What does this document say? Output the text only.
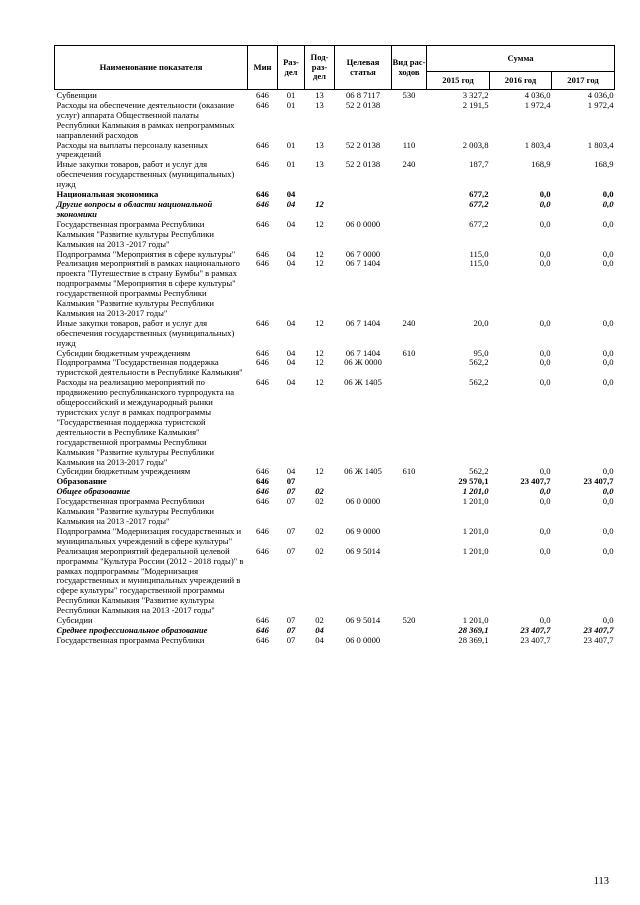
Наименование показателя	Мин	Раз- дел	Под- раз- дел	Целевая статья	Вид рас- ходов	Сумма		
						2015 год	2016 год	2017 год
Субвенции	646	01	13	06 8 7117	530	3 327,2	4 036,0	4 036,0
Расходы на обеспечение деятельности (оказание услуг) аппарата Общественной палаты Республики Калмыкия в рамках непрограммных направлений расходов	646	01	13	52 2 0138		2 191,5	1 972,4	1 972,4
Расходы на выплаты персоналу казенных учреждений	646	01	13	52 2 0138	110	2 003,8	1 803,4	1 803,4
Иные закупки товаров, работ и услуг для обеспечения государственных (муниципальных) нужд	646	01	13	52 2 0138	240	187,7	168,9	168,9
Национальная экономика	646	04				677,2	0,0	0,0
Другие вопросы в области национальной экономики	646	04	12			677,2	0,0	0,0
Государственная программа Республики Калмыкия "Развитие культуры Республики Калмыкия на 2013 -2017 годы"	646	04	12	06 0 0000		677,2	0,0	0,0
Подпрограмма "Мероприятия в сфере культуры"	646	04	12	06 7 0000		115,0	0,0	0,0
Реализация мероприятий в рамках национального проекта "Путешествие в страну Бумбы" в рамках подпрограммы "Мероприятия в сфере культуры" государственной программы Республики Калмыкия "Развитие культуры Республики Калмыкия на 2013-2017 годы"	646	04	12	06 7 1404		115,0	0,0	0,0
Иные закупки товаров, работ и услуг для обеспечения государственных (муниципальных) нужд	646	04	12	06 7 1404	240	20,0	0,0	0,0
Субсидии бюджетным учреждениям	646	04	12	06 7 1404	610	95,0	0,0	0,0
Подпрограмма "Государственная поддержка туристской деятельности в Республике Калмыкия"	646	04	12	06 Ж 0000		562,2	0,0	0,0
Расходы на реализацию мероприятий по продвижению республиканского турпродукта на общероссийский и международный рынки туристских услуг в рамках подпрограммы "Государственная поддержка туристской деятельности в Республике Калмыкия" государственной программы Республики Калмыкия "Развитие культуры Республики Калмыкия на 2013-2017 годы"	646	04	12	06 Ж 1405		562,2	0,0	0,0
Субсидии бюджетным учреждениям	646	04	12	06 Ж 1405	610	562,2	0,0	0,0
Образование	646	07				29 570,1	23 407,7	23 407,7
Общее образование	646	07	02			1 201,0	0,0	0,0
Государственная программа Республики Калмыкия "Развитие культуры Республики Калмыкия на 2013 -2017 годы"	646	07	02	06 0 0000		1 201,0	0,0	0,0
Подпрограмма "Модернизация государственных и муниципальных учреждений в сфере культуры"	646	07	02	06 9 0000		1 201,0	0,0	0,0
Реализация мероприятий федеральной целевой программы "Культура России (2012 - 2018 годы)" в рамках подпрограммы "Модернизация государственных и муниципальных учреждений в сфере культуры" государственной программы Республики Калмыкия "Развитие культуры Республики Калмыкия на 2013 -2017 годы"	646	07	02	06 9 5014		1 201,0	0,0	0,0
Субсидии	646	07	02	06 9 5014	520	1 201,0	0,0	0,0
Среднее профессиональное образование	646	07	04			28 369,1	23 407,7	23 407,7
Государственная программа Республики	646	07	04	06 0 0000		28 369,1	23 407,7	23 407,7
113
